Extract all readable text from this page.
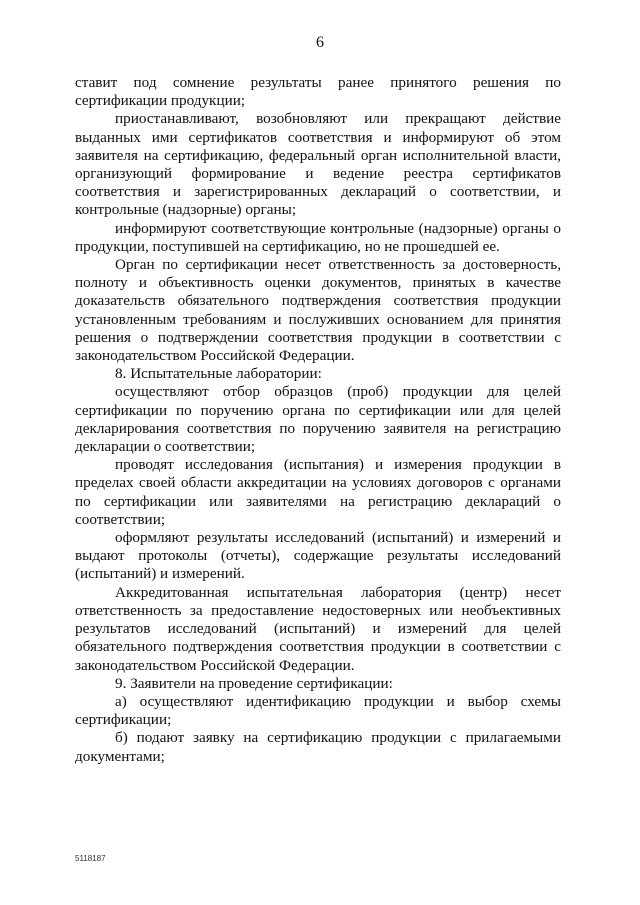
6

ставит под сомнение результаты ранее принятого решения по сертификации продукции;

приостанавливают, возобновляют или прекращают действие выданных ими сертификатов соответствия и информируют об этом заявителя на сертификацию, федеральный орган исполнительной власти, организующий формирование и ведение реестра сертификатов соответствия и зарегистрированных деклараций о соответствии, и контрольные (надзорные) органы;

информируют соответствующие контрольные (надзорные) органы о продукции, поступившей на сертификацию, но не прошедшей ее.

Орган по сертификации несет ответственность за достоверность, полноту и объективность оценки документов, принятых в качестве доказательств обязательного подтверждения соответствия продукции установленным требованиям и послуживших основанием для принятия решения о подтверждении соответствия продукции в соответствии с законодательством Российской Федерации.

8. Испытательные лаборатории:

осуществляют отбор образцов (проб) продукции для целей сертификации по поручению органа по сертификации или для целей декларирования соответствия по поручению заявителя на регистрацию декларации о соответствии;

проводят исследования (испытания) и измерения продукции в пределах своей области аккредитации на условиях договоров с органами по сертификации или заявителями на регистрацию деклараций о соответствии;

оформляют результаты исследований (испытаний) и измерений и выдают протоколы (отчеты), содержащие результаты исследований (испытаний) и измерений.

Аккредитованная испытательная лаборатория (центр) несет ответственность за предоставление недостоверных или необъективных результатов исследований (испытаний) и измерений для целей обязательного подтверждения соответствия продукции в соответствии с законодательством Российской Федерации.

9. Заявители на проведение сертификации:

а) осуществляют идентификацию продукции и выбор схемы сертификации;

б) подают заявку на сертификацию продукции с прилагаемыми документами;

5118187
